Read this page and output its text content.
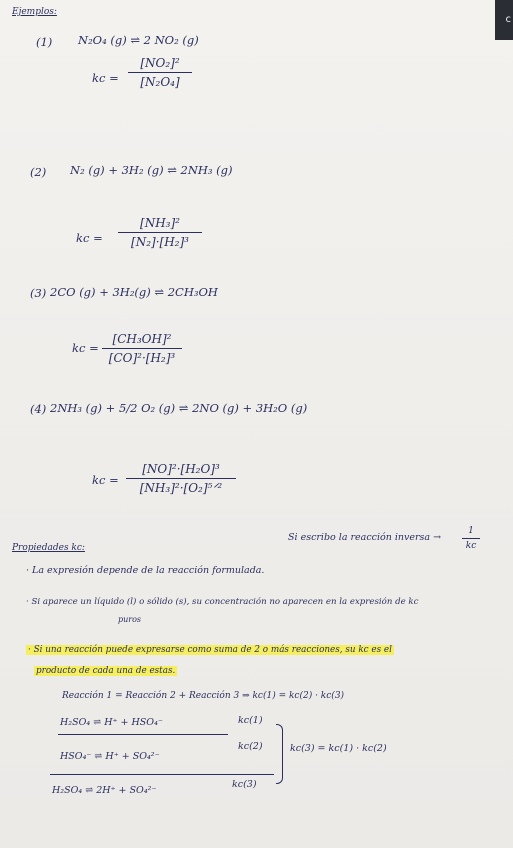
c
Ejemplos:
(1) N₂O₄ (g) ⇌ 2 NO₂ (g)
kc =
[NO₂]²
[N₂O₄]
(2) N₂ (g) + 3H₂ (g) ⇌ 2NH₃ (g)
kc =
[NH₃]²
[N₂]·[H₂]³
(3) 2CO (g) + 3H₂(g) ⇌ 2CH₃OH
kc =
[CH₃OH]²
[CO]²·[H₂]³
(4) 2NH₃ (g) + 5/2 O₂ (g) ⇌ 2NO (g) + 3H₂O (g)
kc =
[NO]²·[H₂O]³
[NH₃]²·[O₂]⁵ᐟ²
Propiedades kc:
Si escribo la reacción inversa →
1
kc
· La expresión depende de la reacción formulada.
· Si aparece un líquido (l) o sólido (s), su concentración no aparecen en la expresión de kc
puros
· Si una reacción puede expresarse como suma de 2 o más reacciones, su kc es el
producto de cada una de estas.
Reacción 1 = Reacción 2 + Reacción 3 ⇒ kc(1) = kc(2) · kc(3)
H₂SO₄ ⇌ H⁺ + HSO₄⁻	kc(1)
HSO₄⁻ ⇌ H⁺ + SO₄²⁻
kc(2)
H₂SO₄ ⇌ 2H⁺ + SO₄²⁻
kc(3)
kc(3) = kc(1) · kc(2)
